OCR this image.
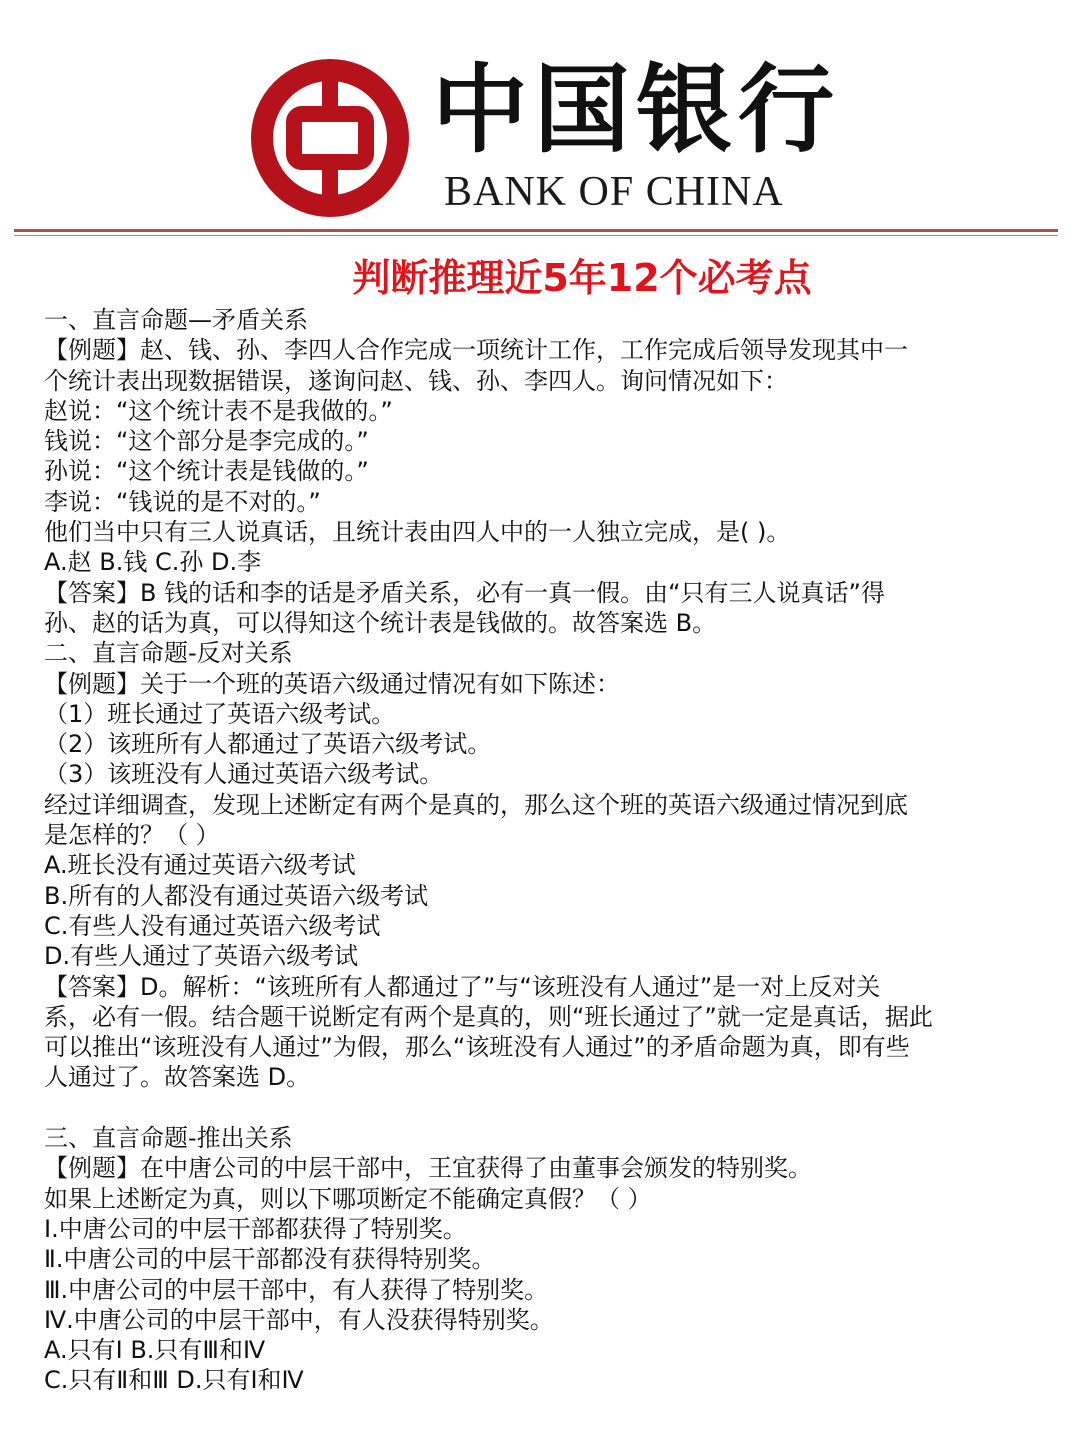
中国银行
BANK OF CHINA
判断推理近5年12个必考点
一、直言命题—矛盾关系
【例题】赵、钱、孙、李四人合作完成一项统计工作，工作完成后领导发现其中一
个统计表出现数据错误，遂询问赵、钱、孙、李四人。询问情况如下：
赵说：“这个统计表不是我做的。”
钱说：“这个部分是李完成的。”
孙说：“这个统计表是钱做的。”
李说：“钱说的是不对的。”
他们当中只有三人说真话，且统计表由四人中的一人独立完成，是( )。
A.赵 B.钱 C.孙 D.李
【答案】B 钱的话和李的话是矛盾关系，必有一真一假。由“只有三人说真话”得
孙、赵的话为真，可以得知这个统计表是钱做的。故答案选 B。
二、直言命题-反对关系
【例题】关于一个班的英语六级通过情况有如下陈述：
（1）班长通过了英语六级考试。
（2）该班所有人都通过了英语六级考试。
（3）该班没有人通过英语六级考试。
经过详细调查，发现上述断定有两个是真的，那么这个班的英语六级通过情况到底
是怎样的？（ ）
A.班长没有通过英语六级考试
B.所有的人都没有通过英语六级考试
C.有些人没有通过英语六级考试
D.有些人通过了英语六级考试
【答案】D。解析：“该班所有人都通过了”与“该班没有人通过”是一对上反对关
系，必有一假。结合题干说断定有两个是真的，则“班长通过了”就一定是真话，据此
可以推出“该班没有人通过”为假，那么“该班没有人通过”的矛盾命题为真，即有些
人通过了。故答案选 D。
三、直言命题-推出关系
【例题】在中唐公司的中层干部中，王宜获得了由董事会颁发的特别奖。
如果上述断定为真，则以下哪项断定不能确定真假？（ ）
Ⅰ.中唐公司的中层干部都获得了特别奖。
Ⅱ.中唐公司的中层干部都没有获得特别奖。
Ⅲ.中唐公司的中层干部中，有人获得了特别奖。
Ⅳ.中唐公司的中层干部中，有人没获得特别奖。
A.只有Ⅰ B.只有Ⅲ和Ⅳ
C.只有Ⅱ和Ⅲ D.只有Ⅰ和Ⅳ
